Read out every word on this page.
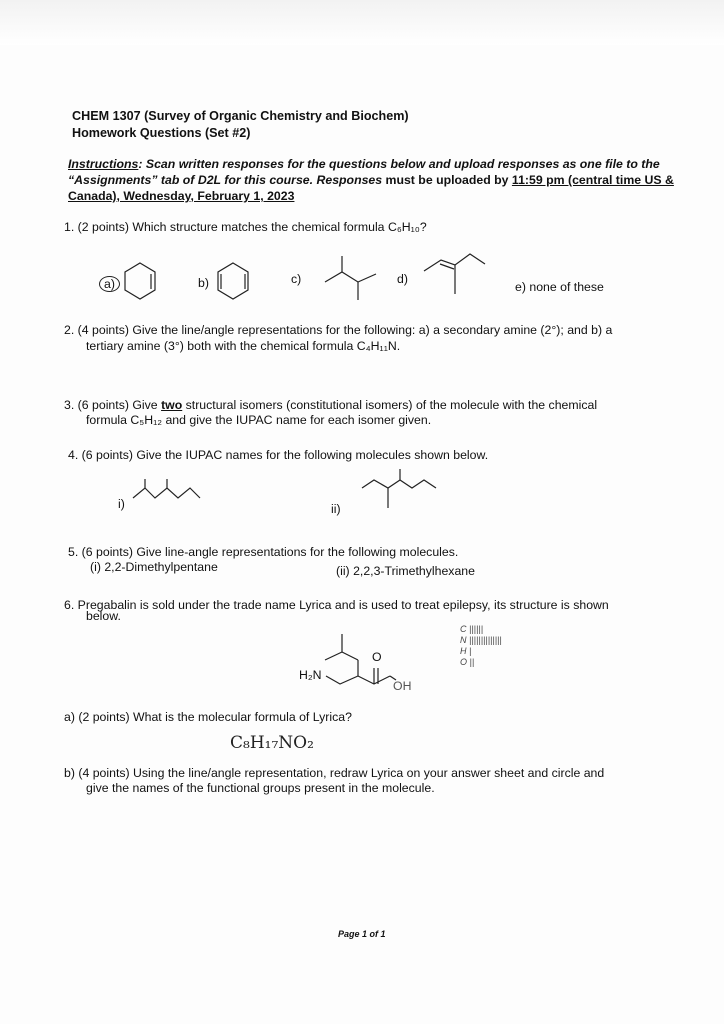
CHEM 1307 (Survey of Organic Chemistry and Biochem)
Homework Questions (Set #2)
Instructions: Scan written responses for the questions below and upload responses as one file to the
“Assignments” tab of D2L for this course. Responses must be uploaded by 11:59 pm (central time US &
Canada), Wednesday, February 1, 2023
1. (2 points) Which structure matches the chemical formula C₆H₁₀?
a)	b)	c)	d)
e) none of these
2. (4 points) Give the line/angle representations for the following: a) a secondary amine (2°); and b) a
tertiary amine (3°) both with the chemical formula C₄H₁₁N.
3. (6 points) Give two structural isomers (constitutional isomers) of the molecule with the chemical
formula C₅H₁₂ and give the IUPAC name for each isomer given.
4. (6 points) Give the IUPAC names for the following molecules shown below.
i)	ii)
5. (6 points) Give line-angle representations for the following molecules.
(i) 2,2-Dimethylpentane	(ii) 2,2,3-Trimethylhexane
6. Pregabalin is sold under the trade name Lyrica and is used to treat epilepsy, its structure is shown
below.
H₂N
O
OH
C ||||||
N ||||||||||||||
H |
O ||
a) (2 points) What is the molecular formula of Lyrica?
C₈H₁₇NO₂
b) (4 points) Using the line/angle representation, redraw Lyrica on your answer sheet and circle and
give the names of the functional groups present in the molecule.
Page 1 of 1
